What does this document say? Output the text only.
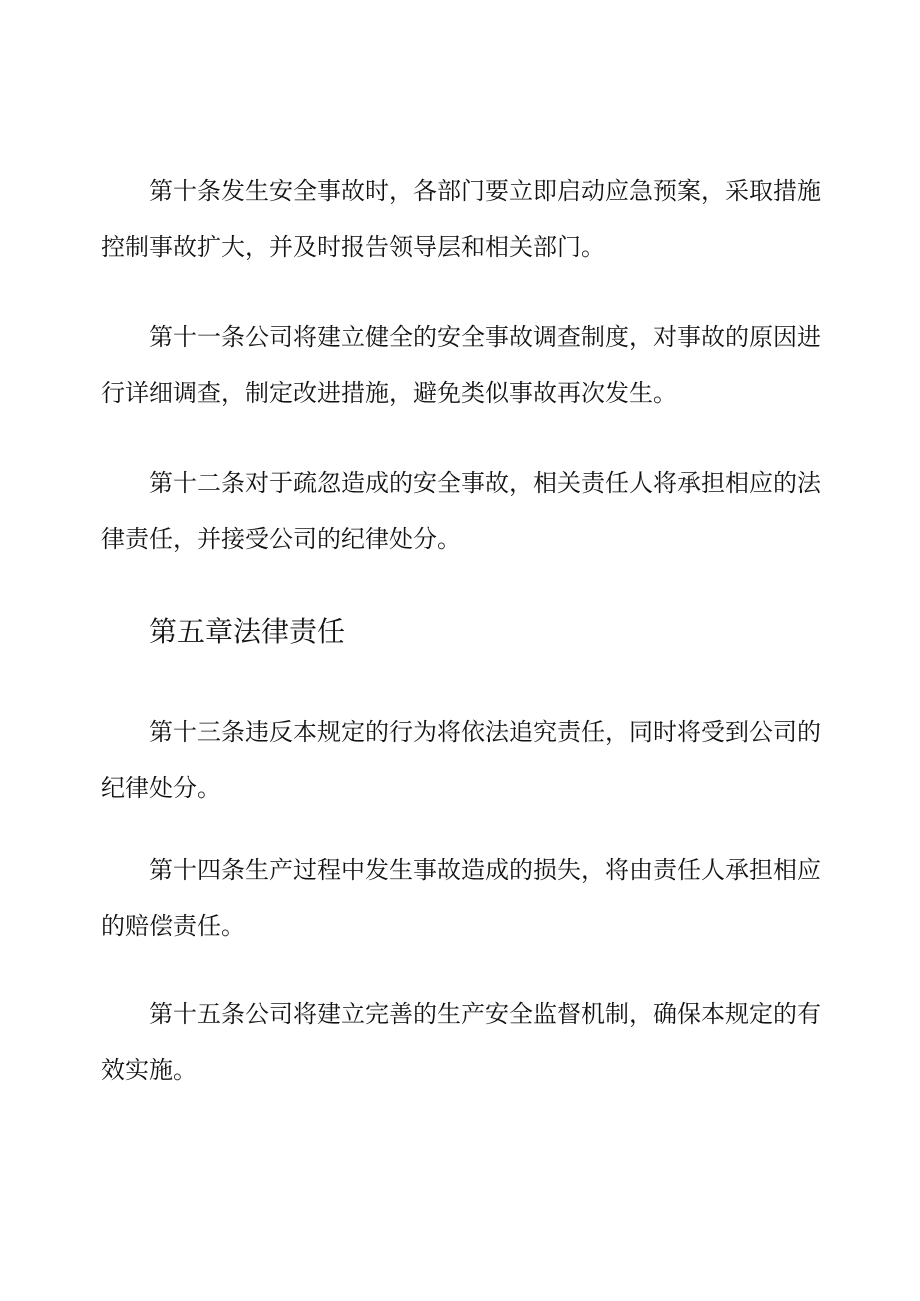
第十条发生安全事故时，各部门要立即启动应急预案，采取措施控制事故扩大，并及时报告领导层和相关部门。

第十一条公司将建立健全的安全事故调查制度，对事故的原因进行详细调查，制定改进措施，避免类似事故再次发生。

第十二条对于疏忽造成的安全事故，相关责任人将承担相应的法律责任，并接受公司的纪律处分。

第五章法律责任

第十三条违反本规定的行为将依法追究责任，同时将受到公司的纪律处分。

第十四条生产过程中发生事故造成的损失，将由责任人承担相应的赔偿责任。

第十五条公司将建立完善的生产安全监督机制，确保本规定的有效实施。
